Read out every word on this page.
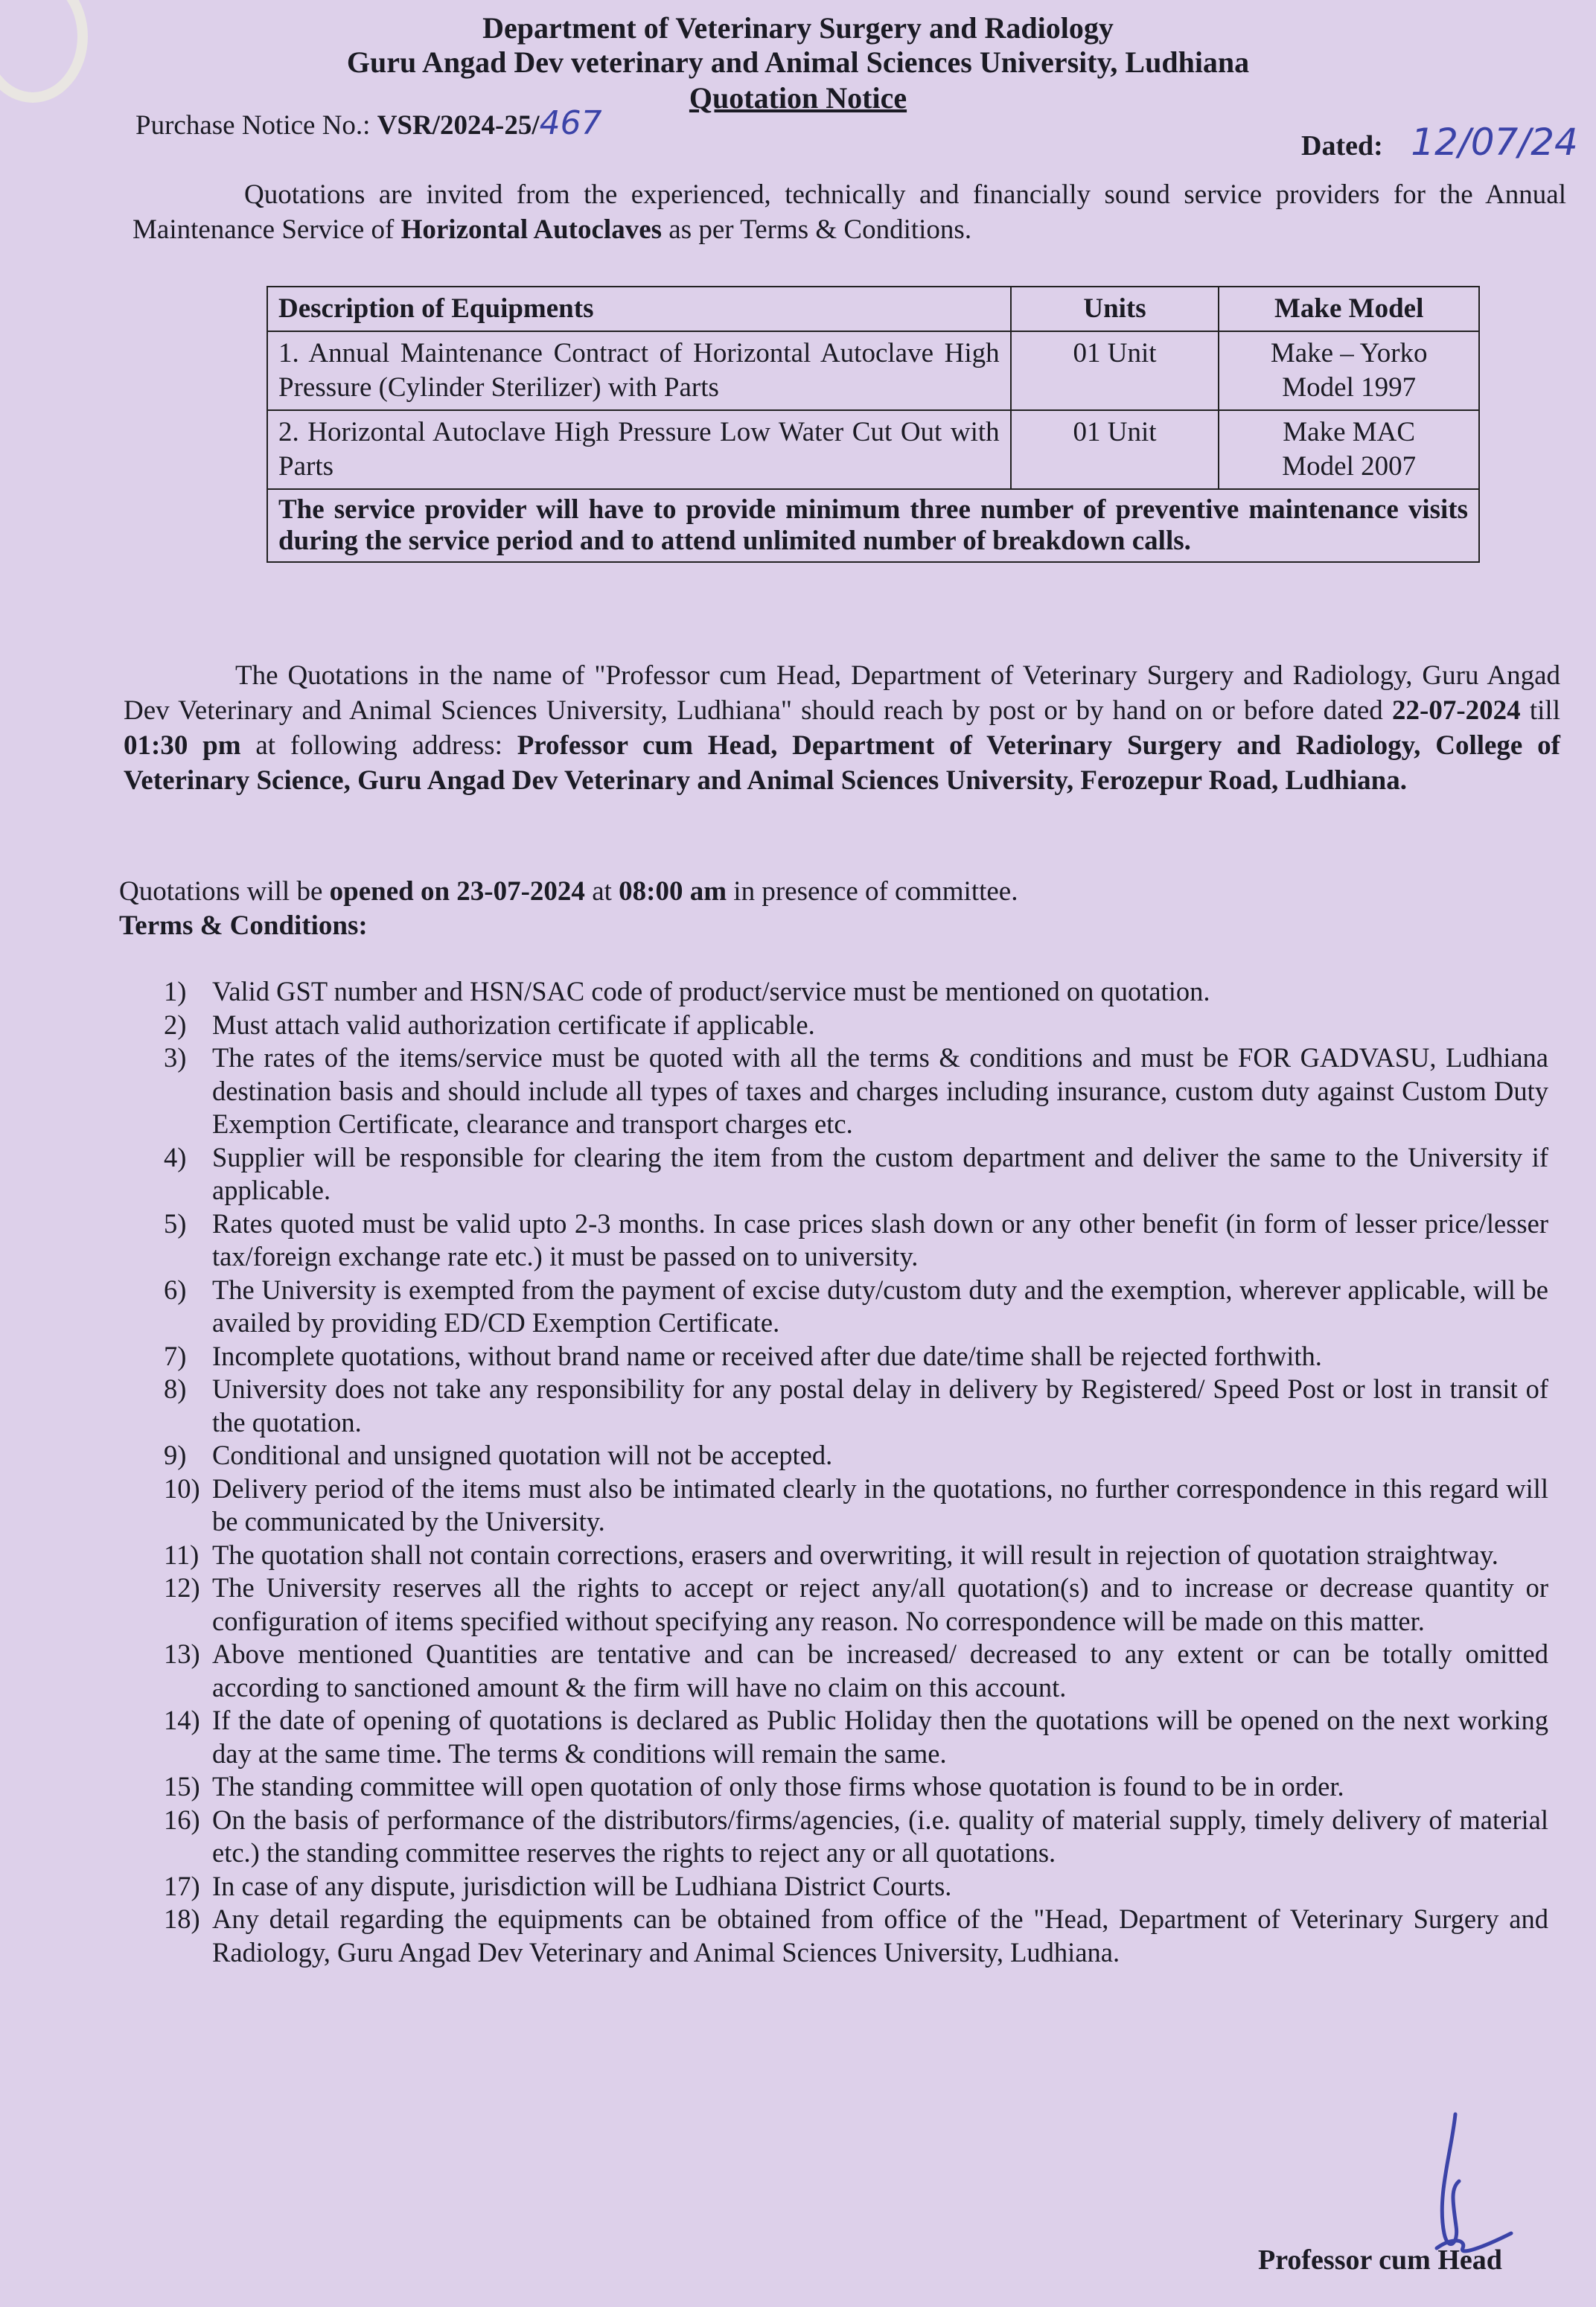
Department of Veterinary Surgery and Radiology
Guru Angad Dev veterinary and Animal Sciences University, Ludhiana
Quotation Notice
Purchase Notice No.: VSR/2024-25/467
Dated: 12/07/24

Quotations are invited from the experienced, technically and financially sound service providers for the Annual Maintenance Service of Horizontal Autoclaves as per Terms & Conditions.

Description of Equipments	Units	Make Model
1. Annual Maintenance Contract of Horizontal Autoclave High Pressure (Cylinder Sterilizer) with Parts	01 Unit	Make – Yorko
Model 1997

2. Horizontal Autoclave High Pressure Low Water Cut Out with Parts	01 Unit	Make MAC
Model 2007

The service provider will have to provide minimum three number of preventive maintenance visits during the service period and to attend unlimited number of breakdown calls.		

The Quotations in the name of "Professor cum Head, Department of Veterinary Surgery and Radiology, Guru Angad Dev Veterinary and Animal Sciences University, Ludhiana" should reach by post or by hand on or before dated 22-07-2024 till 01:30 pm at following address: Professor cum Head, Department of Veterinary Surgery and Radiology, College of Veterinary Science, Guru Angad Dev Veterinary and Animal Sciences University, Ferozepur Road, Ludhiana.

Quotations will be opened on 23-07-2024 at 08:00 am in presence of committee.

Terms & Conditions:
1) Valid GST number and HSN/SAC code of product/service must be mentioned on quotation.
2) Must attach valid authorization certificate if applicable.
3) The rates of the items/service must be quoted with all the terms & conditions and must be FOR GADVASU, Ludhiana destination basis and should include all types of taxes and charges including insurance, custom duty against Custom Duty Exemption Certificate, clearance and transport charges etc.
4) Supplier will be responsible for clearing the item from the custom department and deliver the same to the University if applicable.
5) Rates quoted must be valid upto 2-3 months. In case prices slash down or any other benefit (in form of lesser price/lesser tax/foreign exchange rate etc.) it must be passed on to university.
6) The University is exempted from the payment of excise duty/custom duty and the exemption, wherever applicable, will be availed by providing ED/CD Exemption Certificate.
7) Incomplete quotations, without brand name or received after due date/time shall be rejected forthwith.
8) University does not take any responsibility for any postal delay in delivery by Registered/ Speed Post or lost in transit of the quotation.
9) Conditional and unsigned quotation will not be accepted.
10) Delivery period of the items must also be intimated clearly in the quotations, no further correspondence in this regard will be communicated by the University.
11) The quotation shall not contain corrections, erasers and overwriting, it will result in rejection of quotation straightway.
12) The University reserves all the rights to accept or reject any/all quotation(s) and to increase or decrease quantity or configuration of items specified without specifying any reason. No correspondence will be made on this matter.
13) Above mentioned Quantities are tentative and can be increased/ decreased to any extent or can be totally omitted according to sanctioned amount & the firm will have no claim on this account.
14) If the date of opening of quotations is declared as Public Holiday then the quotations will be opened on the next working day at the same time. The terms & conditions will remain the same.
15) The standing committee will open quotation of only those firms whose quotation is found to be in order.
16) On the basis of performance of the distributors/firms/agencies, (i.e. quality of material supply, timely delivery of material etc.) the standing committee reserves the rights to reject any or all quotations.
17) In case of any dispute, jurisdiction will be Ludhiana District Courts.
18) Any detail regarding the equipments can be obtained from office of the "Head, Department of Veterinary Surgery and Radiology, Guru Angad Dev Veterinary and Animal Sciences University, Ludhiana.
Professor cum Head
